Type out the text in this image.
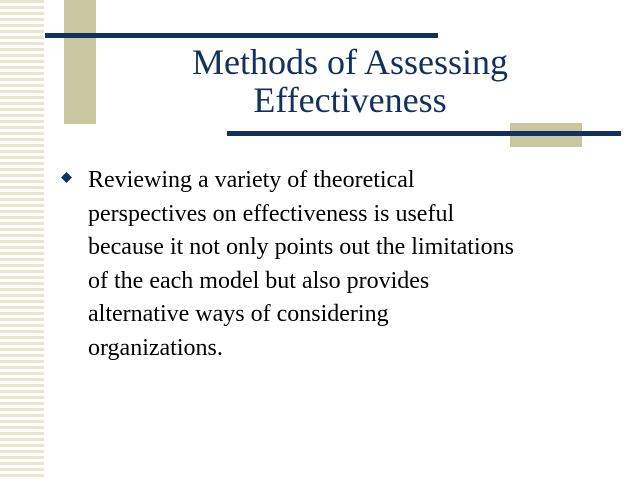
Methods of Assessing
Effectiveness
Reviewing a variety of theoretical
perspectives on effectiveness is useful
because it not only points out the limitations
of the each model but also provides
alternative ways of considering
organizations.
